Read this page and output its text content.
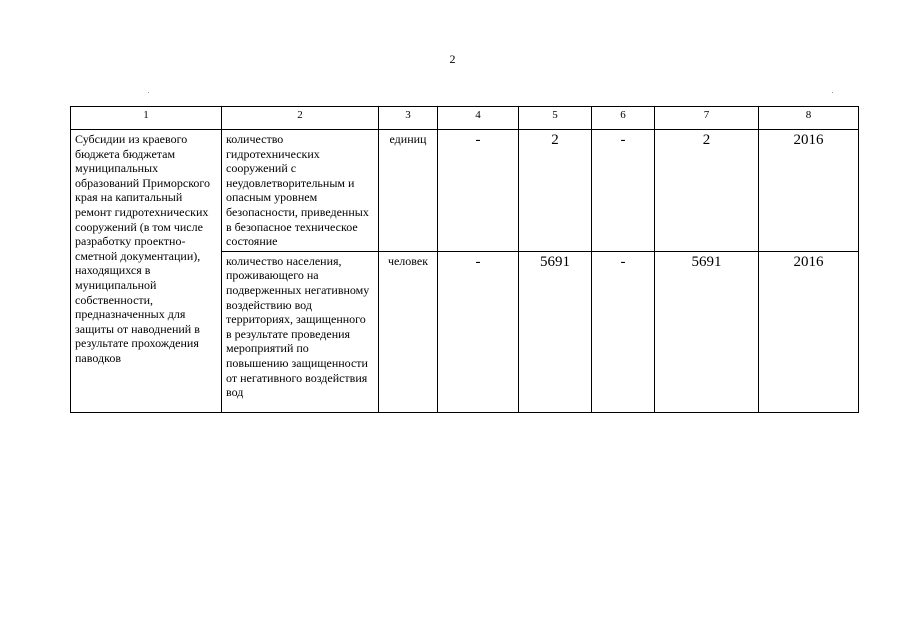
2
1	2	3	4	5	6	7	8
Субсидии из краевого бюджета бюджетам муниципальных образований Приморского края на капитальный ремонт гидротехнических сооружений (в том числе разработку проектно-сметной документации), находящихся в муниципальной собственности, предназначенных для защиты от наводнений в результате прохождения паводков	количество гидротехнических сооружений с неудовлетворительным и опасным уровнем безопасности, приведенных в безопасное техническое состояние	единиц	-	2	-	2	2016
	количество населения, проживающего на подверженных негативному воздействию вод территориях, защищенного в результате проведения мероприятий по повышению защищенности от негативного воздействия вод	человек	-	5691	-	5691	2016
